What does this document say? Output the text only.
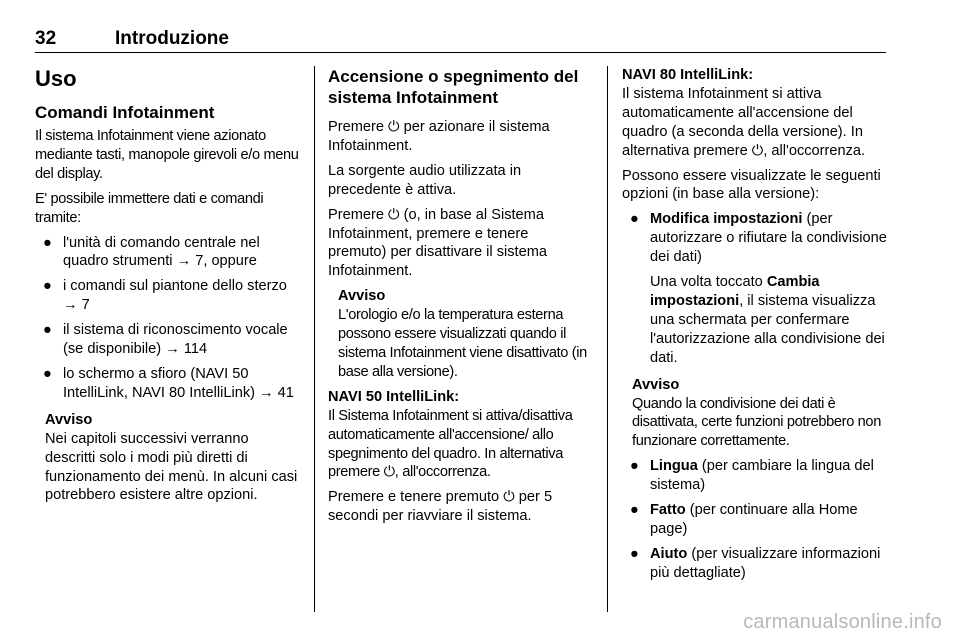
32	Introduzione
Uso
Comandi Infotainment

Il sistema Infotainment viene azionato mediante tasti, manopole girevoli e/o menu del display.

E' possibile immettere dati e comandi tramite:

● l'unità di comando centrale nel quadro strumenti → 7, oppure
● i comandi sul piantone dello sterzo → 7
● il sistema di riconoscimento vocale (se disponibile) → 114
● lo schermo a sfioro (NAVI 50 IntelliLink, NAVI 80 IntelliLink) → 41
Avviso
Nei capitoli successivi verranno descritti solo i modi più diretti di funzionamento dei menù. In alcuni casi potrebbero esistere altre opzioni.
Accensione o spegnimento del sistema Infotainment

Premere ⏻ per azionare il sistema Infotainment.

La sorgente audio utilizzata in precedente è attiva.

Premere ⏻ (o, in base al Sistema Infotainment, premere e tenere premuto) per disattivare il sistema Infotainment.

Avviso
L'orologio e/o la temperatura esterna possono essere visualizzati quando il sistema Infotainment viene disattivato (in base alla versione).
NAVI 50 IntelliLink:

Il Sistema Infotainment si attiva/disattiva automaticamente all'accensione/ allo spegnimento del quadro. In alternativa premere ⏻, all'occorrenza.

Premere e tenere premuto ⏻ per 5 secondi per riavviare il sistema.

NAVI 80 IntelliLink:

Il sistema Infotainment si attiva automaticamente all'accensione del quadro (a seconda della versione). In alternativa premere ⏻, all'occorrenza.

Possono essere visualizzate le seguenti opzioni (in base alla versione):

● Modifica impostazioni (per autorizzare o rifiutare la condivisione dei dati)
Una volta toccato Cambia impostazioni, il sistema visualizza una schermata per confermare l'autorizzazione alla condivisione dei dati.
Avviso
Quando la condivisione dei dati è disattivata, certe funzioni potrebbero non funzionare correttamente.
● Lingua (per cambiare la lingua del sistema)
● Fatto (per continuare alla Home page)
● Aiuto (per visualizzare informazioni più dettagliate)
carmanualsonline.info
